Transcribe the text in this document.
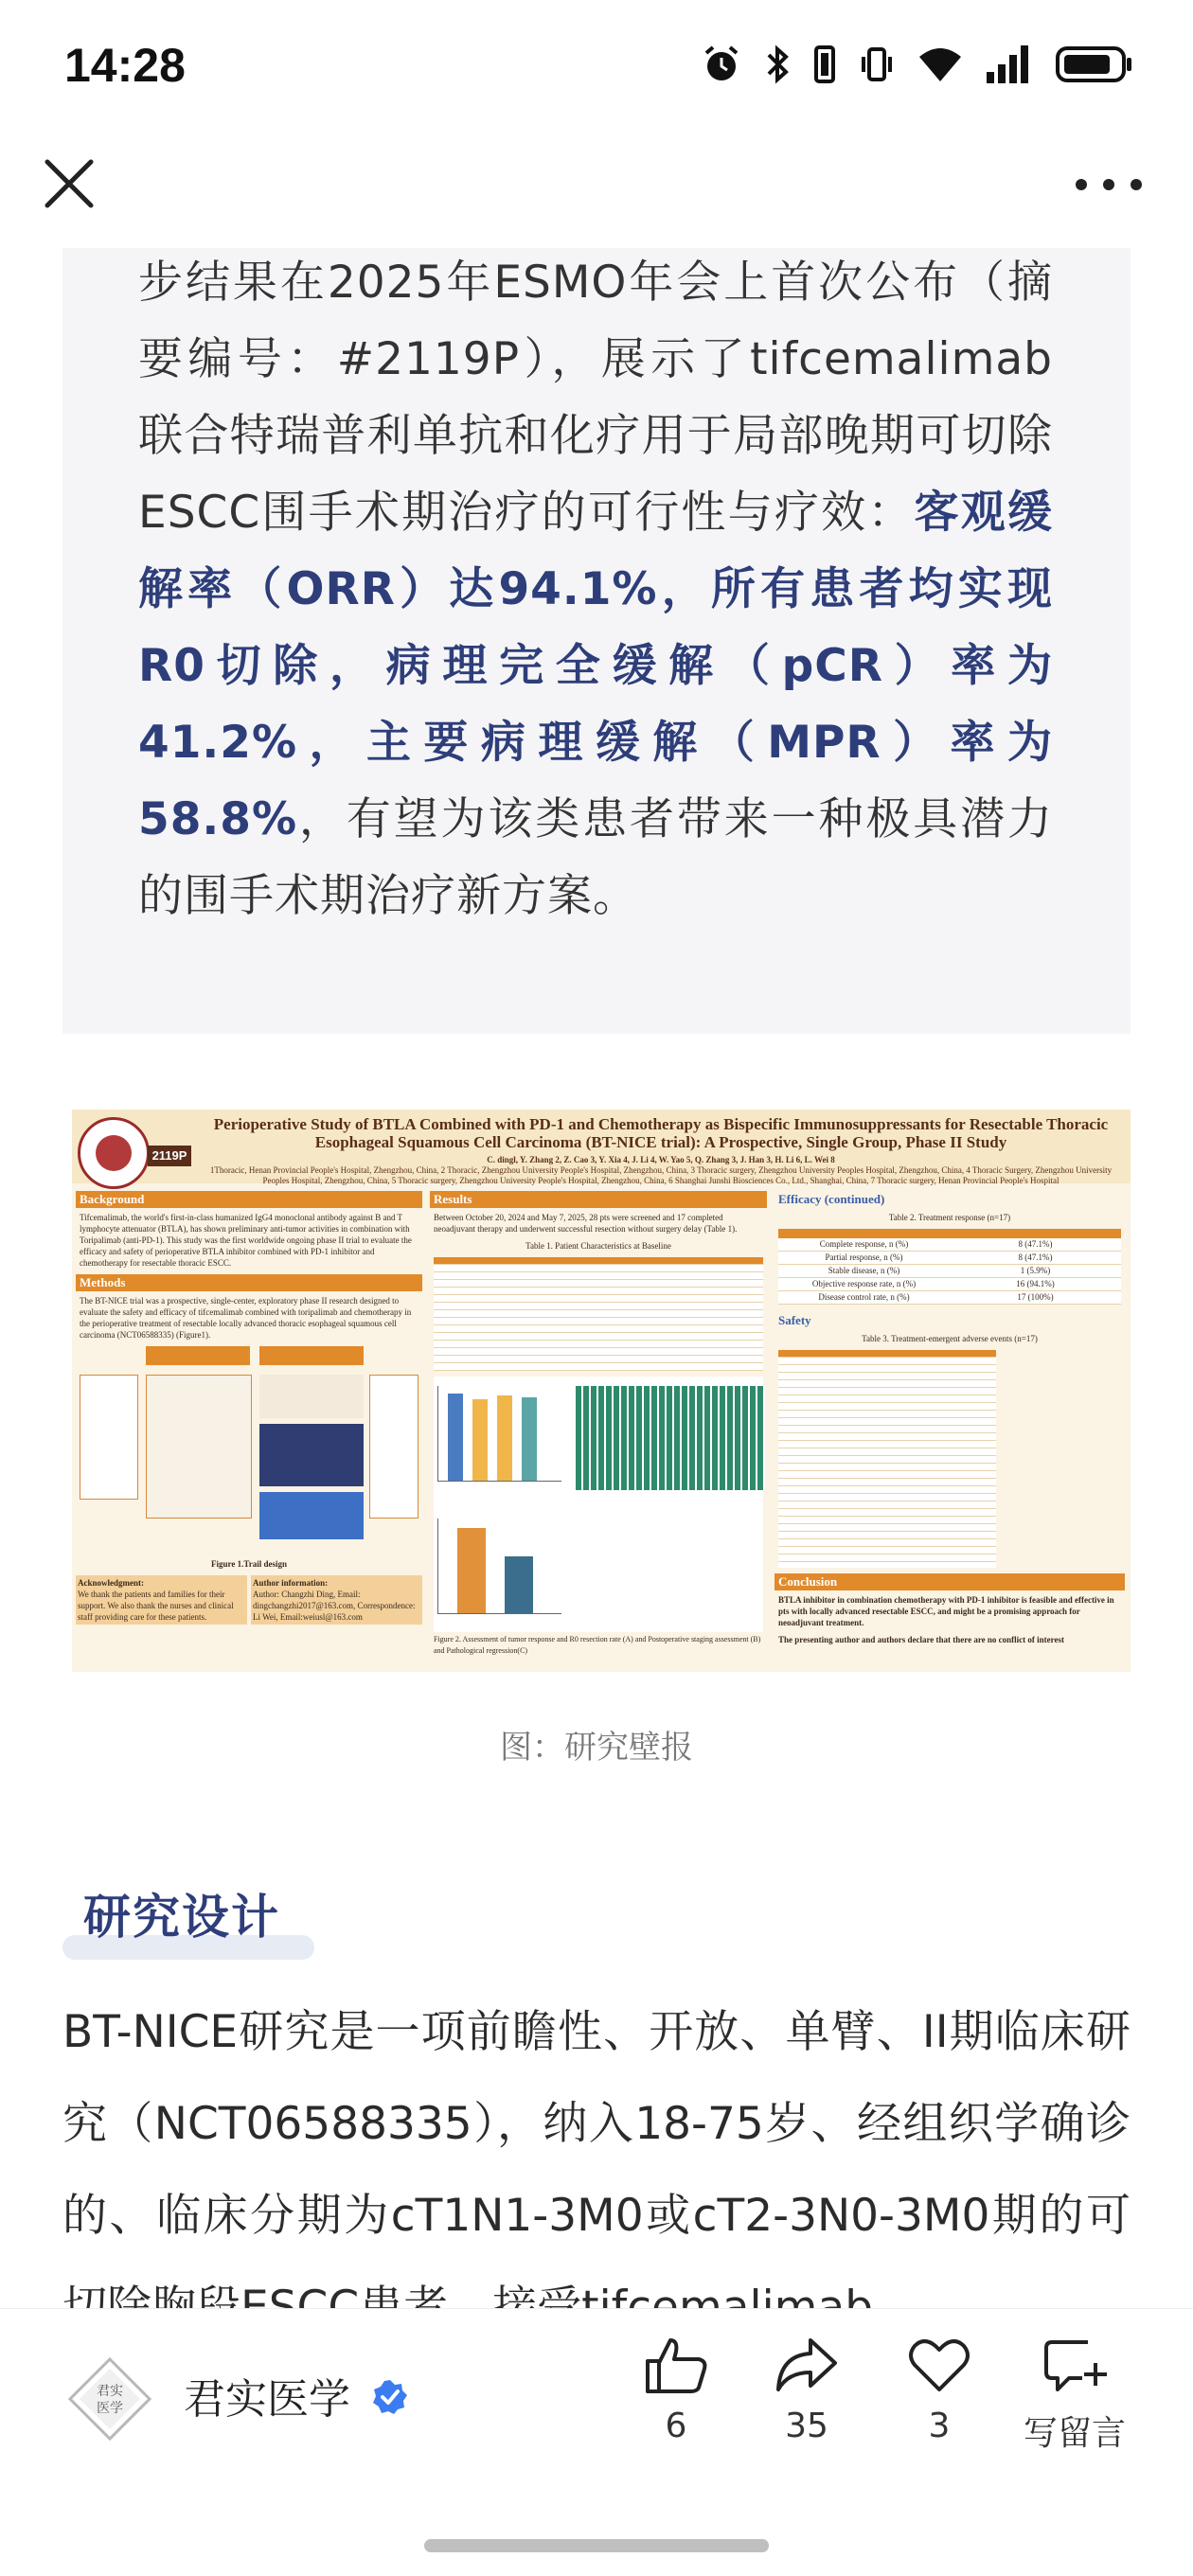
14:28
步结果在2025年ESMO年会上首次公布（摘要编号：#2119P），展示了tifcemalimab联合特瑞普利单抗和化疗用于局部晚期可切除ESCC围手术期治疗的可行性与疗效：客观缓解率（ORR）达94.1%，所有患者均实现R0切除，病理完全缓解（pCR）率为41.2%，主要病理缓解（MPR）率为58.8%，有望为该类患者带来一种极具潜力的围手术期治疗新方案。
2119P
Perioperative Study of BTLA Combined with PD-1 and Chemotherapy as Bispecific Immunosuppressants for Resectable Thoracic Esophageal Squamous Cell Carcinoma (BT-NICE trial): A Prospective, Single Group, Phase II Study
C. dingl, Y. Zhang 2, Z. Cao 3, Y. Xia 4, J. Li 4, W. Yao 5, Q. Zhang 3, J. Han 3, H. Li 6, L. Wei 8
1Thoracic, Henan Provincial People's Hospital, Zhengzhou, China, 2 Thoracic, Zhengzhou University People's Hospital, Zhengzhou, China, 3 Thoracic surgery, Zhengzhou University Peoples Hospital, Zhengzhou, China, 4 Thoracic Surgery, Zhengzhou University Peoples Hospital, Zhengzhou, China, 5 Thoracic surgery, Zhengzhou University People's Hospital, Zhengzhou, China, 6 Shanghai Junshi Biosciences Co., Ltd., Shanghai, China, 7 Thoracic surgery, Henan Provincial People's Hospital
Background
Tifcemalimab, the world's first-in-class humanized IgG4 monoclonal antibody against B and T lymphocyte attenuator (BTLA), has shown preliminary anti-tumor activities in combination with Toripalimab (anti-PD-1). This study was the first worldwide ongoing phase II trial to evaluate the efficacy and safety of perioperative BTLA inhibitor combined with PD-1 inhibitor and chemotherapy for resectable thoracic ESCC.
Methods
The BT-NICE trial was a prospective, single-center, exploratory phase II research designed to evaluate the safety and efficacy of tifcemalimab combined with toripalimab and chemotherapy in the perioperative treatment of resectable locally advanced thoracic esophageal squamous cell carcinoma (NCT06588335) (Figure1).
Figure 1.Trail design
Acknowledgment:
We thank the patients and families for their support. We also thank the nurses and clinical staff providing care for these patients.
Author information:
Author: Changzhi Ding, Email: dingchangzhi2017@163.com, Correspondence: Li Wei, Email:weiusl@163.com
Results
Between October 20, 2024 and May 7, 2025, 28 pts were screened and 17 completed neoadjuvant therapy and underwent successful resection without surgery delay (Table 1).
Table 1. Patient Characteristics at Baseline
Figure 2. Assessment of tumor response and R0 resection rate (A) and Postoperative staging assessment (B) and Pathological regression(C)
Efficacy (continued)
Table 2. Treatment response (n=17)
Complete response, n (%)	8 (47.1%)
Partial response, n (%)	8 (47.1%)
Stable disease, n (%)	1 (5.9%)
Objective response rate, n (%)	16 (94.1%)
Disease control rate, n (%)	17 (100%)
Safety
Table 3. Treatment-emergent adverse events (n=17)
Conclusion
BTLA inhibitor in combination chemotherapy with PD-1 inhibitor is feasible and effective in pts with locally advanced resectable ESCC, and might be a promising approach for neoadjuvant treatment.
The presenting author and authors declare that there are no conflict of interest
图：研究壁报
研究设计
BT-NICE研究是一项前瞻性、开放、单臂、II期临床研究（NCT06588335），纳入18-75岁、经组织学确诊的、临床分期为cT1N1-3M0或cT2-3N0-3M0期的可
君实
医学 君实医学
6	35	3	写留言
